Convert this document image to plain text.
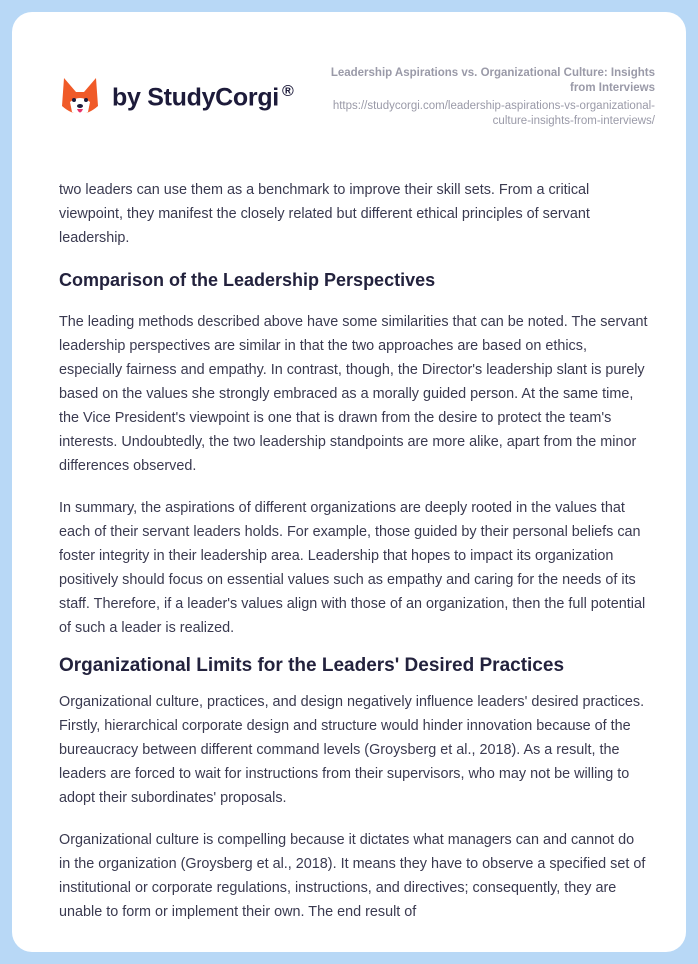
by StudyCorgi ®
Leadership Aspirations vs. Organizational Culture: Insights from Interviews
https://studycorgi.com/leadership-aspirations-vs-organizational-culture-insights-from-interviews/

two leaders can use them as a benchmark to improve their skill sets. From a critical viewpoint, they manifest the closely related but different ethical principles of servant leadership.

Comparison of the Leadership Perspectives

The leading methods described above have some similarities that can be noted. The servant leadership perspectives are similar in that the two approaches are based on ethics, especially fairness and empathy. In contrast, though, the Director's leadership slant is purely based on the values she strongly embraced as a morally guided person. At the same time, the Vice President's viewpoint is one that is drawn from the desire to protect the team's interests. Undoubtedly, the two leadership standpoints are more alike, apart from the minor differences observed.

In summary, the aspirations of different organizations are deeply rooted in the values that each of their servant leaders holds. For example, those guided by their personal beliefs can foster integrity in their leadership area. Leadership that hopes to impact its organization positively should focus on essential values such as empathy and caring for the needs of its staff. Therefore, if a leader's values align with those of an organization, then the full potential of such a leader is realized.

Organizational Limits for the Leaders' Desired Practices

Organizational culture, practices, and design negatively influence leaders' desired practices. Firstly, hierarchical corporate design and structure would hinder innovation because of the bureaucracy between different command levels (Groysberg et al., 2018). As a result, the leaders are forced to wait for instructions from their supervisors, who may not be willing to adopt their subordinates' proposals.

Organizational culture is compelling because it dictates what managers can and cannot do in the organization (Groysberg et al., 2018). It means they have to observe a specified set of institutional or corporate regulations, instructions, and directives; consequently, they are unable to form or implement their own. The end result of
